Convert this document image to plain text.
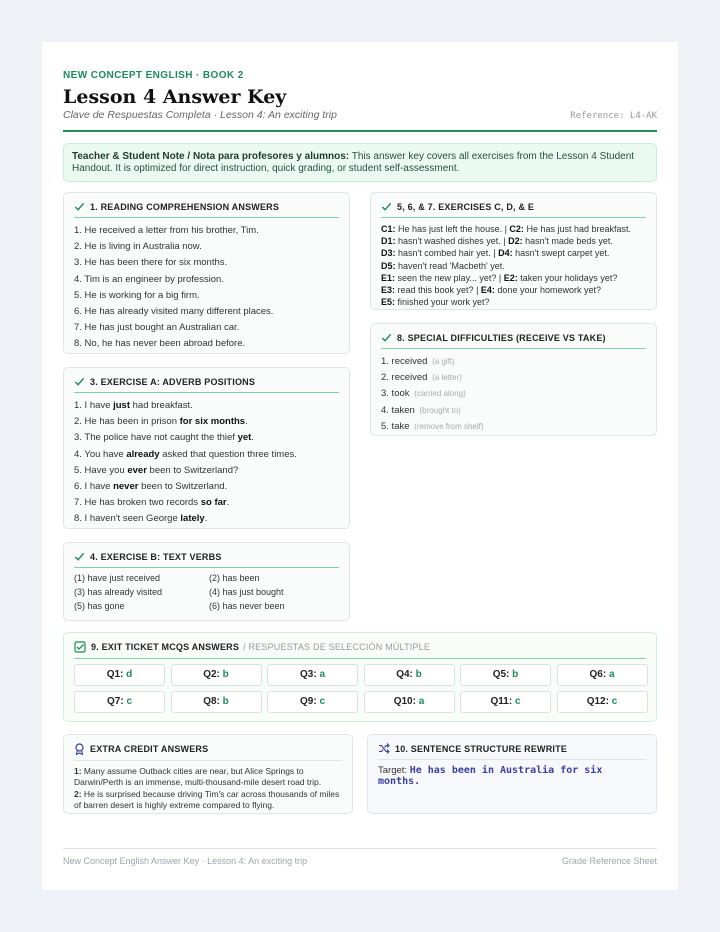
NEW CONCEPT ENGLISH · BOOK 2
Lesson 4 Answer Key
Clave de Respuestas Completa · Lesson 4: An exciting trip	Reference: L4-AK
Teacher & Student Note / Nota para profesores y alumnos: This answer key covers all exercises from the Lesson 4 Student Handout. It is optimized for direct instruction, quick grading, or student self-assessment.
1. READING COMPREHENSION ANSWERS
1. He received a letter from his brother, Tim.
2. He is living in Australia now.
3. He has been there for six months.
4. Tim is an engineer by profession.
5. He is working for a big firm.
6. He has already visited many different places.
7. He has just bought an Australian car.
8. No, he has never been abroad before.
3. EXERCISE A: ADVERB POSITIONS
1. I have just had breakfast.
2. He has been in prison for six months.
3. The police have not caught the thief yet.
4. You have already asked that question three times.
5. Have you ever been to Switzerland?
6. I have never been to Switzerland.
7. He has broken two records so far.
8. I haven't seen George lately.
4. EXERCISE B: TEXT VERBS
(1) have just received	(2) has been
(3) has already visited	(4) has just bought
(5) has gone	(6) has never been
5, 6, & 7. EXERCISES C, D, & E
C1: He has just left the house. | C2: He has just had breakfast.
D1: hasn't washed dishes yet. | D2: hasn't made beds yet.
D3: hasn't combed hair yet. | D4: hasn't swept carpet yet.
D5: haven't read 'Macbeth' yet.
E1: seen the new play... yet? | E2: taken your holidays yet?
E3: read this book yet? | E4: done your homework yet?
E5: finished your work yet?
8. SPECIAL DIFFICULTIES (RECEIVE VS TAKE)
1. received (a gift)
2. received (a letter)
3. took (carried along)
4. taken (brought to)
5. take (remove from shelf)
9. EXIT TICKET MCQS ANSWERS / RESPUESTAS DE SELECCIÓN MÚLTIPLE
Q1: d	Q2: b	Q3: a	Q4: b	Q5: b	Q6: a
Q7: c	Q8: b	Q9: c	Q10: a	Q11: c	Q12: c
EXTRA CREDIT ANSWERS

1: Many assume Outback cities are near, but Alice Springs to Darwin/Perth is an immense, multi-thousand-mile desert road trip.

2: He is surprised because driving Tim's car across thousands of miles of barren desert is highly extreme compared to flying.

10. SENTENCE STRUCTURE REWRITE
Target: He has been in Australia for six months.
New Concept English Answer Key · Lesson 4: An exciting trip	Grade Reference Sheet
